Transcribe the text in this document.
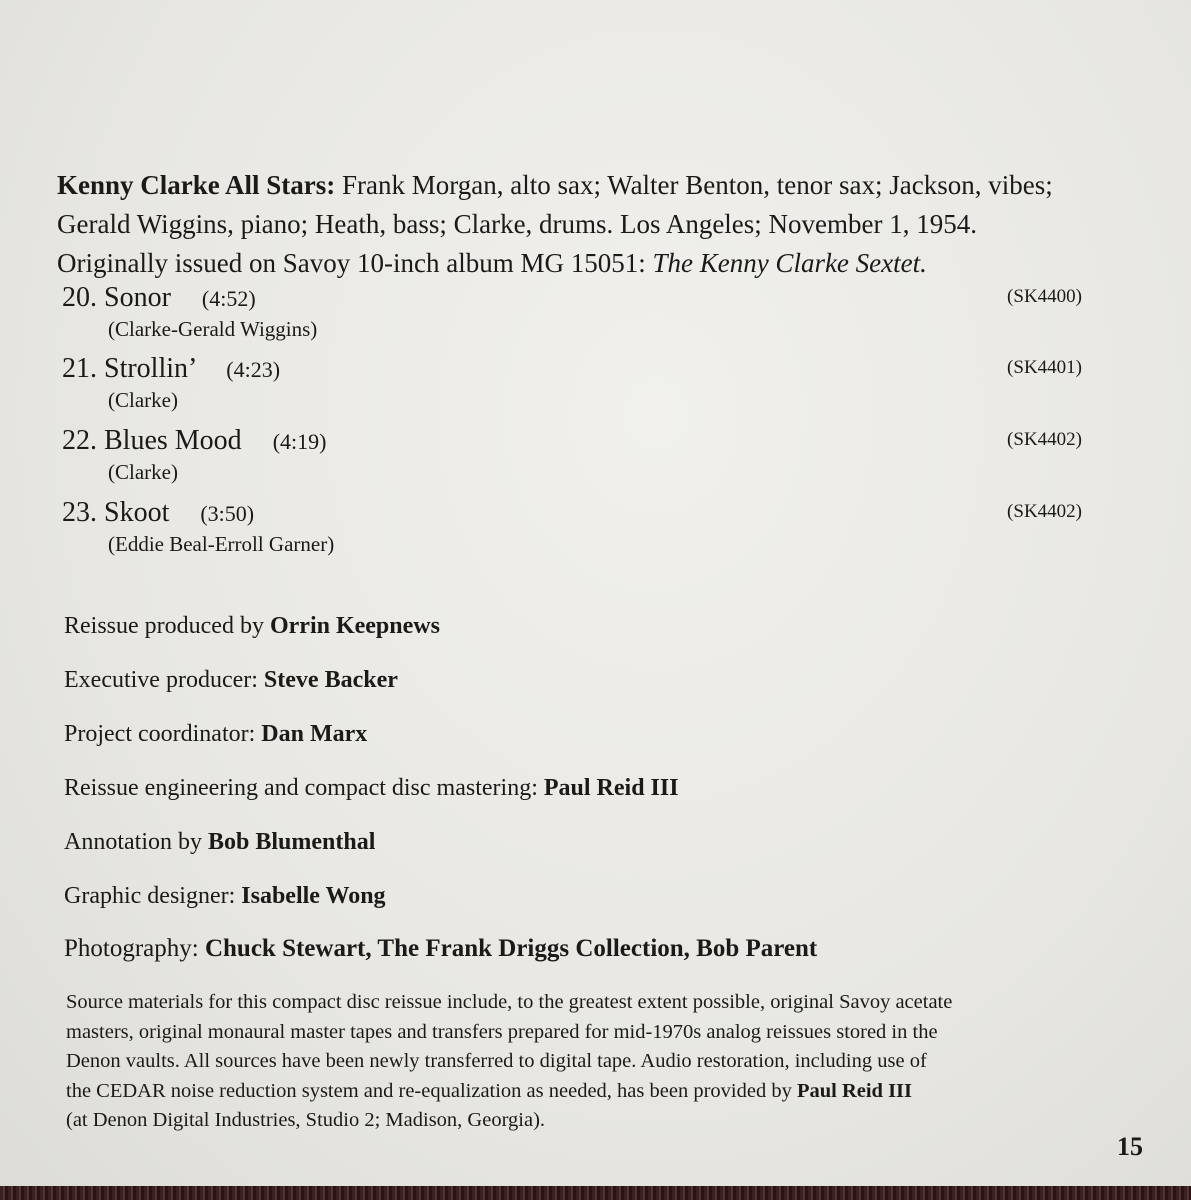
Kenny Clarke All Stars: Frank Morgan, alto sax; Walter Benton, tenor sax; Jackson, vibes;
Gerald Wiggins, piano; Heath, bass; Clarke, drums. Los Angeles; November 1, 1954.
Originally issued on Savoy 10-inch album MG 15051: The Kenny Clarke Sextet.
20. Sonor (4:52)
(Clarke-Gerald Wiggins)
(SK4400)
21. Strollin’ (4:23)
(Clarke)
(SK4401)
22. Blues Mood (4:19)
(Clarke)
(SK4402)
23. Skoot (3:50)
(Eddie Beal-Erroll Garner)
(SK4402)
Reissue produced by Orrin Keepnews
Executive producer: Steve Backer
Project coordinator: Dan Marx
Reissue engineering and compact disc mastering: Paul Reid III
Annotation by Bob Blumenthal
Graphic designer: Isabelle Wong
Photography: Chuck Stewart, The Frank Driggs Collection, Bob Parent
Source materials for this compact disc reissue include, to the greatest extent possible, original Savoy acetate
masters, original monaural master tapes and transfers prepared for mid-1970s analog reissues stored in the
Denon vaults. All sources have been newly transferred to digital tape. Audio restoration, including use of
the CEDAR noise reduction system and re-equalization as needed, has been provided by Paul Reid III
(at Denon Digital Industries, Studio 2; Madison, Georgia).
15
